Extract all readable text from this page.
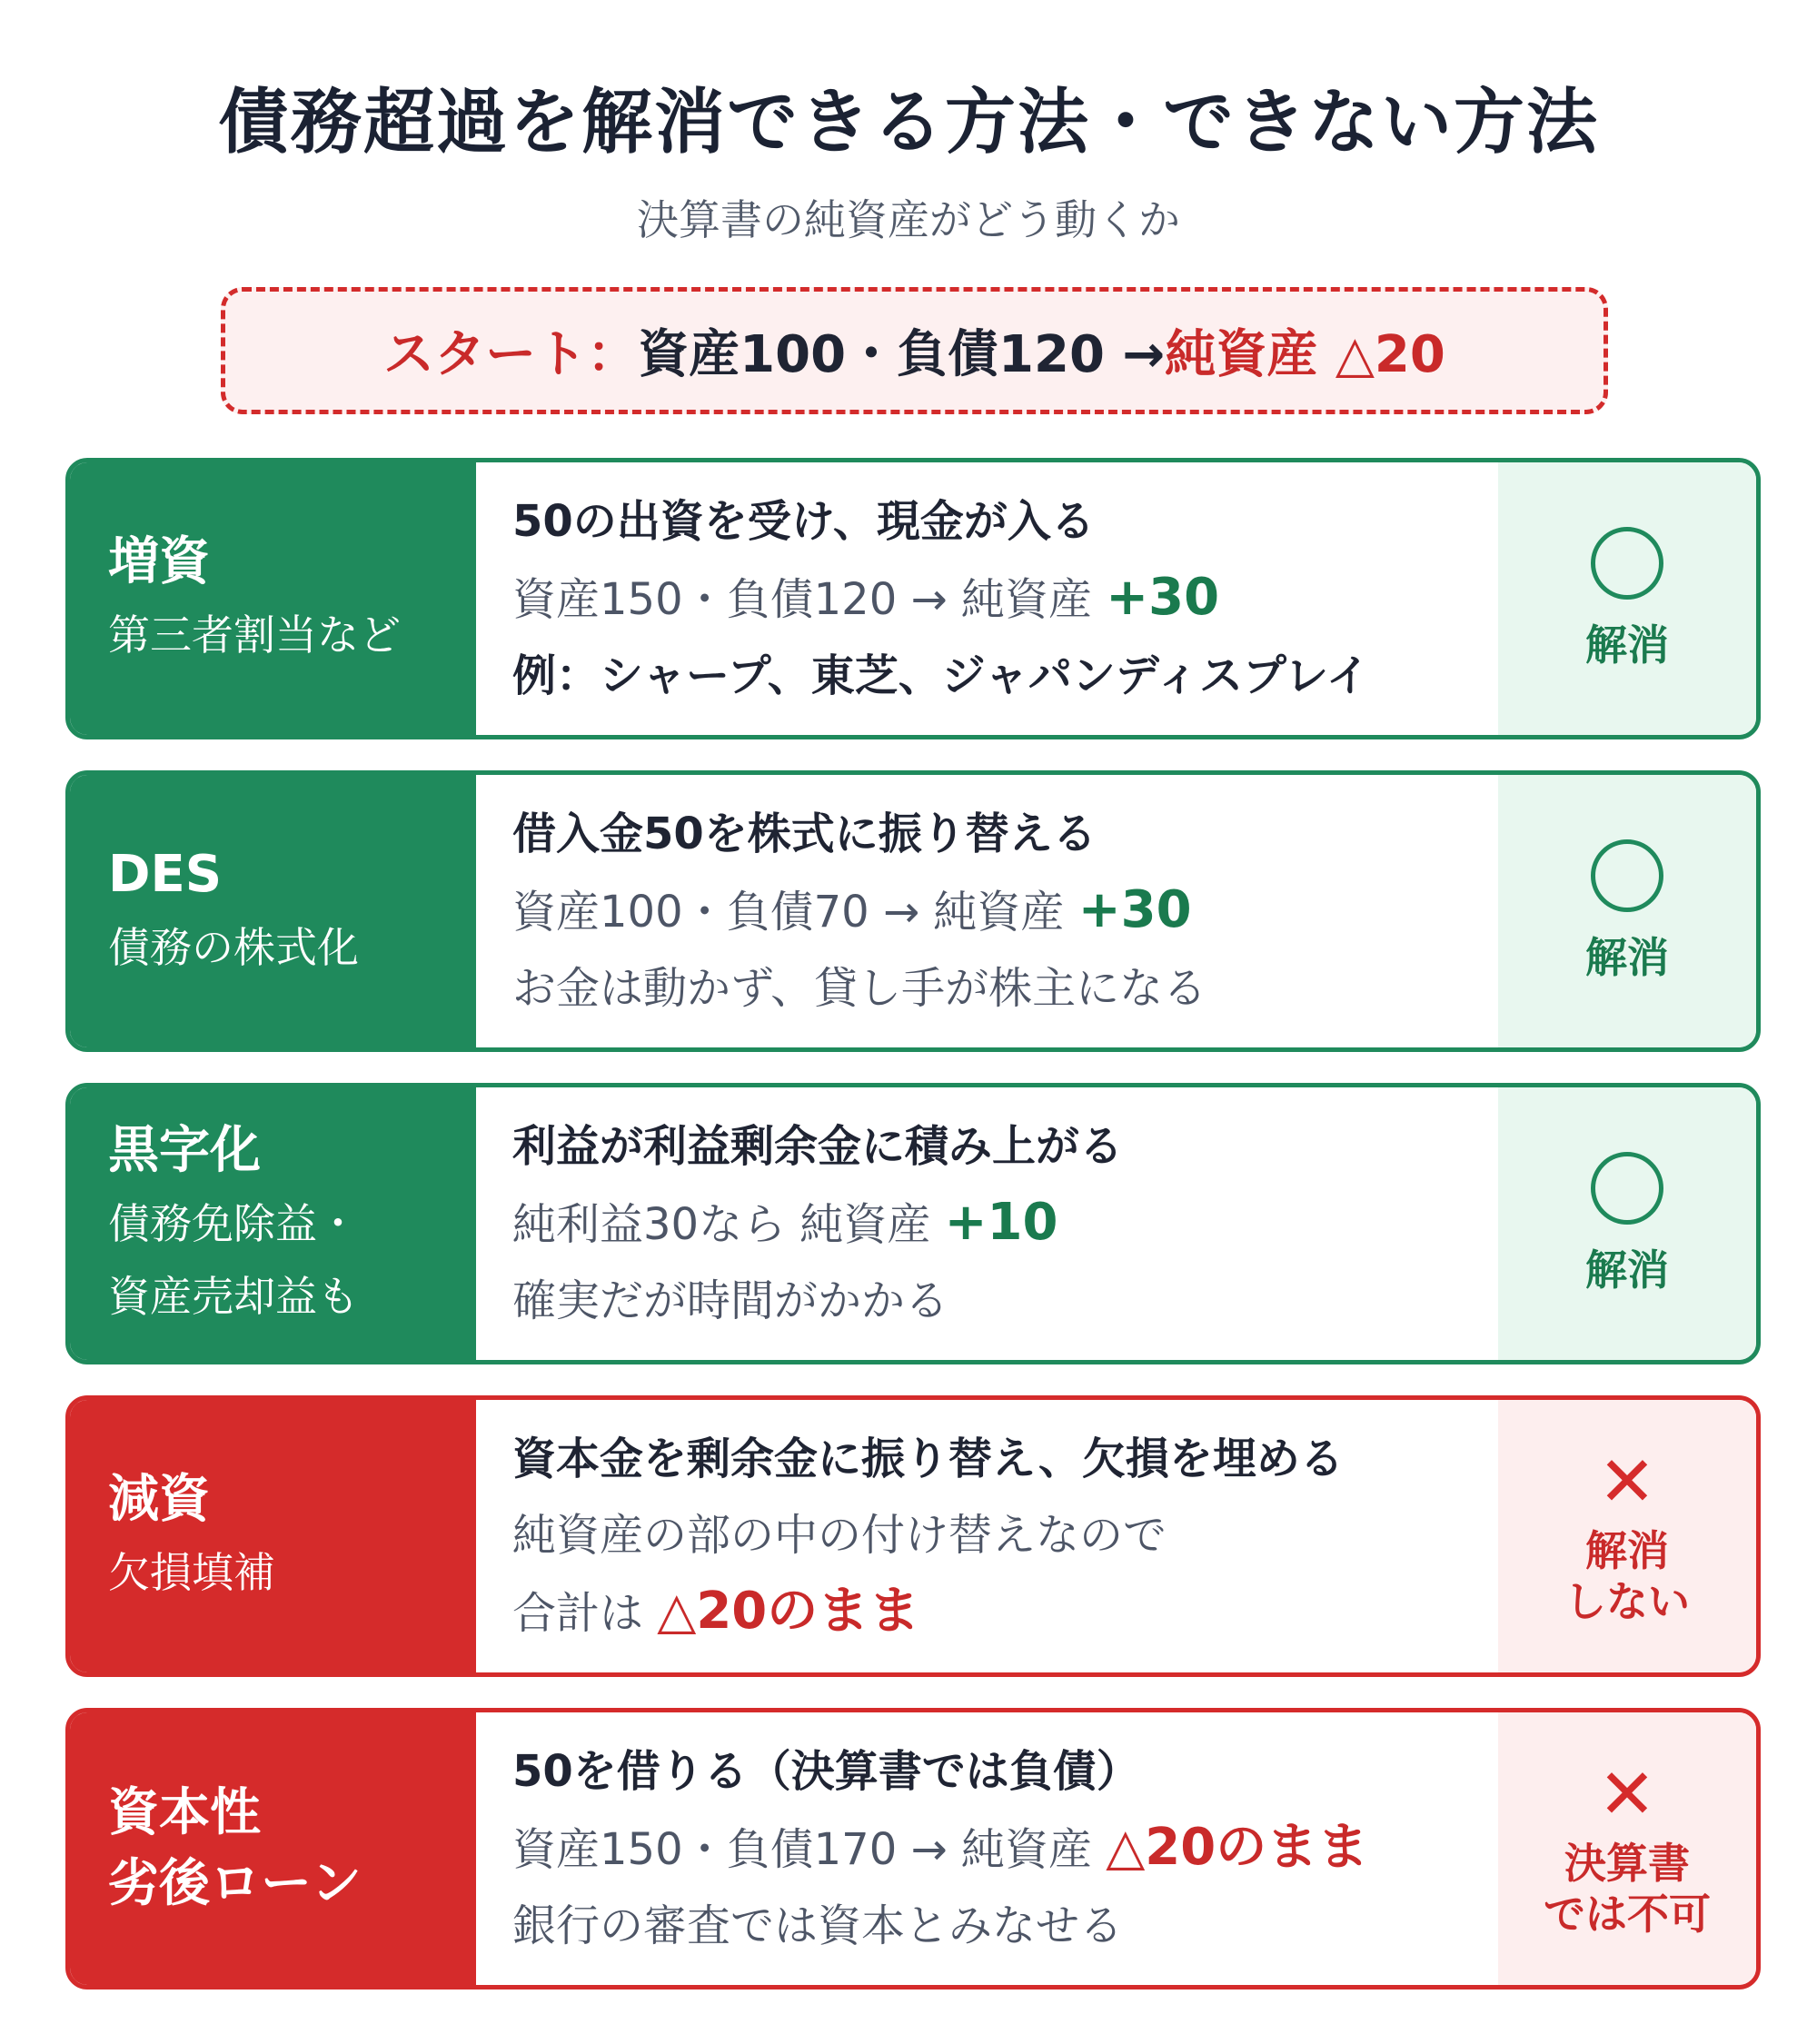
債務超過を解消できる方法・できない方法
決算書の純資産がどう動くか
スタート： 資産100・負債120 → 純資産 △20
増資
第三者割当など
50の出資を受け、現金が入る
資産150・負債120 → 純資産 +30
例：シャープ、東芝、ジャパンディスプレイ
解消
DES
債務の株式化
借入金50を株式に振り替える
資産100・負債70 → 純資産 +30
お金は動かず、貸し手が株主になる
解消
黒字化
債務免除益・
資産売却益も
利益が利益剰余金に積み上がる
純利益30なら 純資産 +10
確実だが時間がかかる
解消
減資
欠損填補
資本金を剰余金に振り替え、欠損を埋める
純資産の部の中の付け替えなので
合計は △20のまま
✕
解消
しない
資本性
劣後ローン
50を借りる（決算書では負債）
資産150・負債170 → 純資産 △20のまま
銀行の審査では資本とみなせる
✕
決算書
では不可
